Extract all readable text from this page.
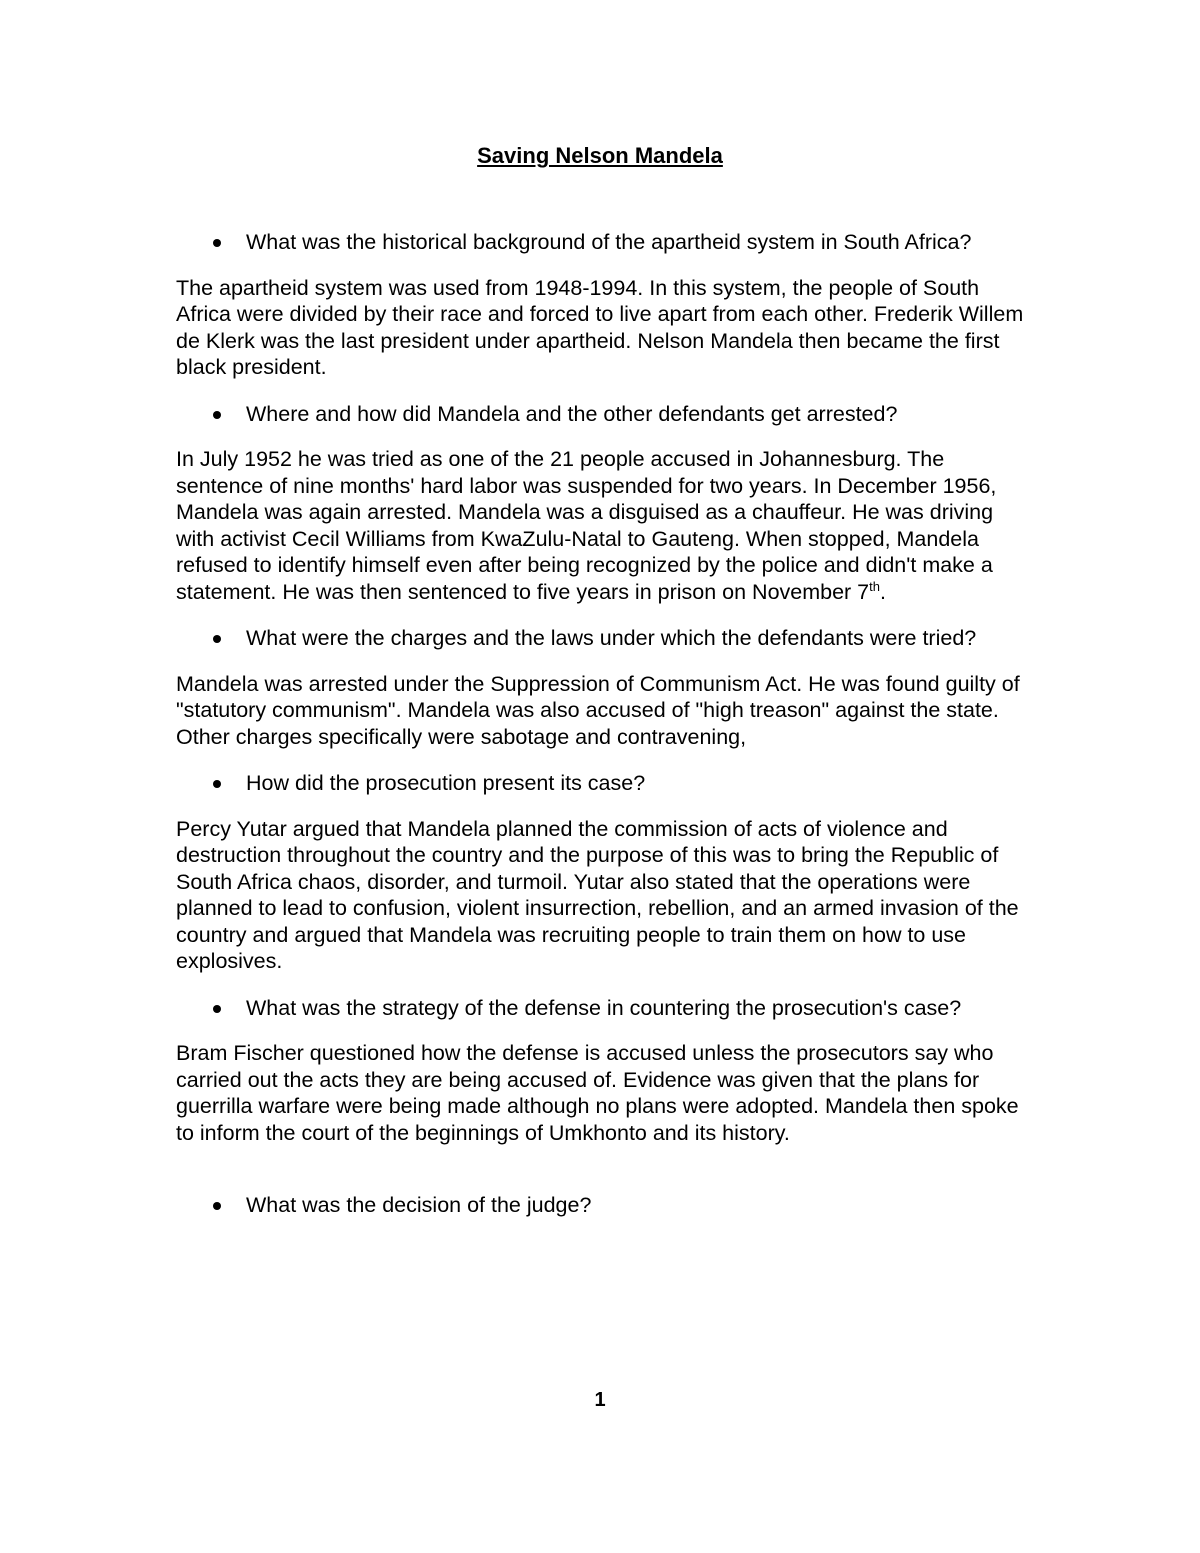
Saving Nelson Mandela
What was the historical background of the apartheid system in South Africa?

The apartheid system was used from 1948-1994. In this system, the people of South Africa were divided by their race and forced to live apart from each other. Frederik Willem de Klerk was the last president under apartheid. Nelson Mandela then became the first black president.

Where and how did Mandela and the other defendants get arrested?

In July 1952 he was tried as one of the 21 people accused in Johannesburg. The sentence of nine months' hard labor was suspended for two years. In December 1956, Mandela was again arrested. Mandela was a disguised as a chauffeur. He was driving with activist Cecil Williams from KwaZulu-Natal to Gauteng. When stopped, Mandela refused to identify himself even after being recognized by the police and didn't make a statement. He was then sentenced to five years in prison on November 7th.

What were the charges and the laws under which the defendants were tried?

Mandela was arrested under the Suppression of Communism Act. He was found guilty of "statutory communism". Mandela was also accused of "high treason" against the state. Other charges specifically were sabotage and contravening,

How did the prosecution present its case?

Percy Yutar argued that Mandela planned the commission of acts of violence and destruction throughout the country and the purpose of this was to bring the Republic of South Africa chaos, disorder, and turmoil. Yutar also stated that the operations were planned to lead to confusion, violent insurrection, rebellion, and an armed invasion of the country and argued that Mandela was recruiting people to train them on how to use explosives.

What was the strategy of the defense in countering the prosecution's case?

Bram Fischer questioned how the defense is accused unless the prosecutors say who carried out the acts they are being accused of. Evidence was given that the plans for guerrilla warfare were being made although no plans were adopted. Mandela then spoke to inform the court of the beginnings of Umkhonto and its history.

What was the decision of the judge?
1
